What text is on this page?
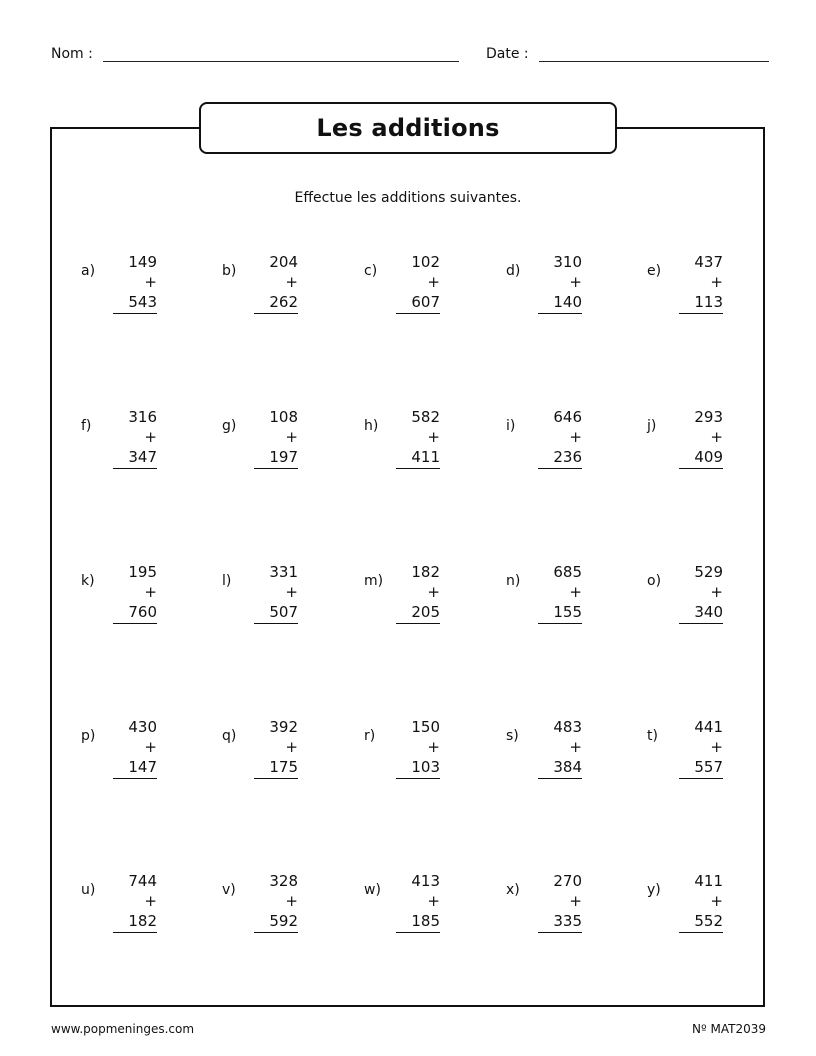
Nom :	Date :
Les additions
Effectue les additions suivantes.
a)	149
+ 543
b)	204
+ 262
c)	102
+ 607
d)	310
+ 140
e)	437
+ 113
f)	316
+ 347
g)	108
+ 197
h)	582
+ 411
i)	646
+ 236
j)	293
+ 409
k)	195
+ 760
l)	331
+ 507
m)	182
+ 205
n)	685
+ 155
o)	529
+ 340
p)	430
+ 147
q)	392
+ 175
r)	150
+ 103
s)	483
+ 384
t)	441
+ 557
u)	744
+ 182
v)	328
+ 592
w)	413
+ 185
x)	270
+ 335
y)	411
+ 552
www.popmeninges.com	Nº MAT2039
